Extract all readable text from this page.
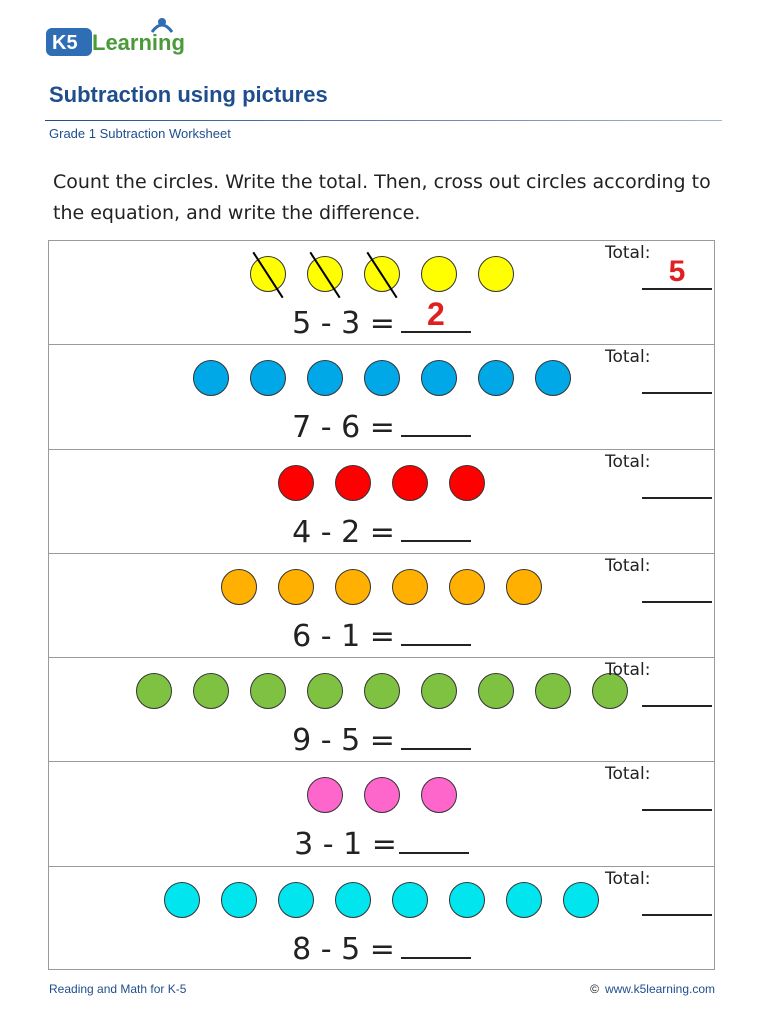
K5 Learning
Subtraction using pictures
Grade 1 Subtraction Worksheet
Count the circles. Write the total. Then, cross out circles according to the equation, and write the difference.
5 - 3 =	2
Total:
5
7 - 6 =
Total:
4 - 2 =
Total:
6 - 1 =
Total:
9 - 5 =
Total:
3 - 1 =
Total:
8 - 5 =
Total:
Reading and Math for K-5	© www.k5learning.com
